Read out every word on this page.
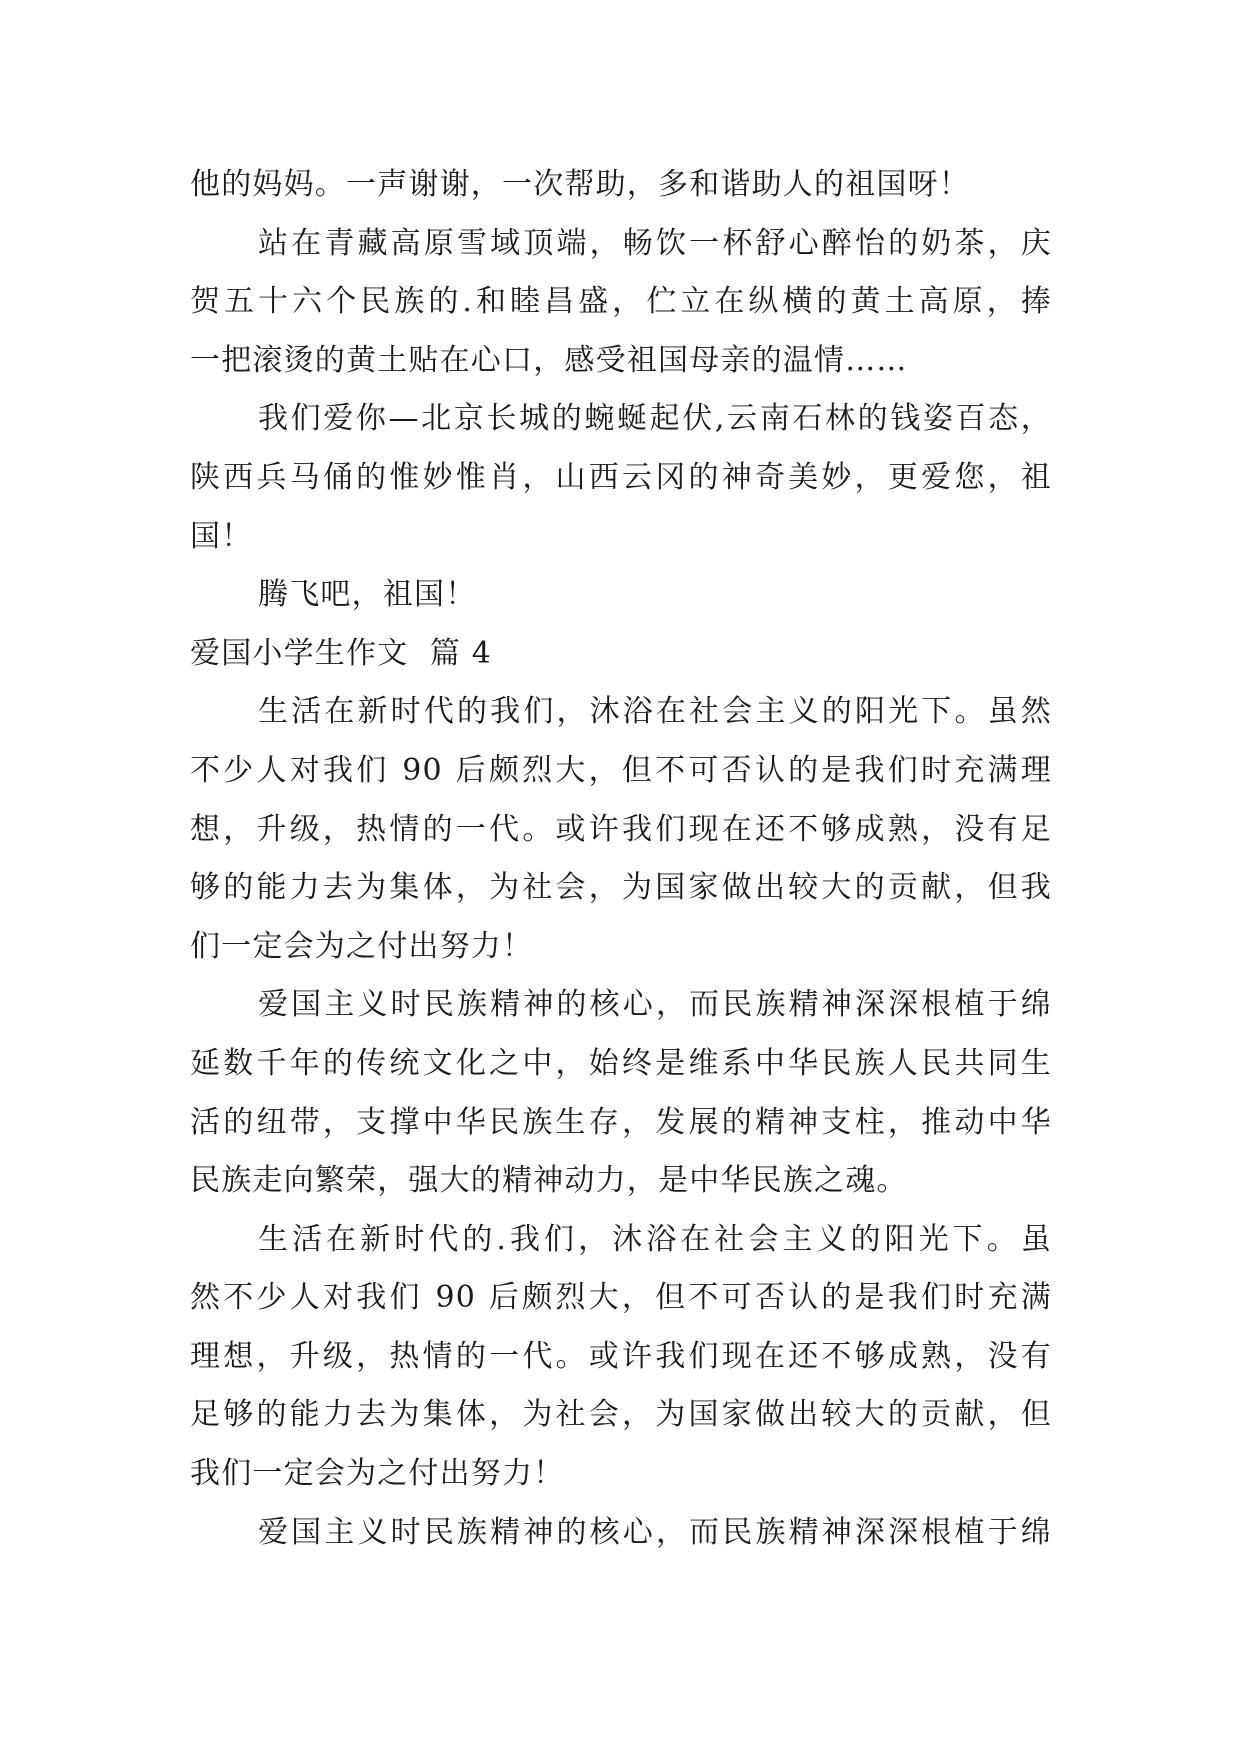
他的妈妈。一声谢谢，一次帮助，多和谐助人的祖国呀！
站在青藏高原雪域顶端，畅饮一杯舒心醉怡的奶茶，庆
贺五十六个民族的.和睦昌盛，伫立在纵横的黄土高原，捧
一把滚烫的黄土贴在心口，感受祖国母亲的温情……
我们爱你—北京长城的蜿蜒起伏,云南石林的钱姿百态，
陕西兵马俑的惟妙惟肖，山西云冈的神奇美妙，更爱您，祖
国！
腾飞吧，祖国！
爱国小学生作文  篇 4
生活在新时代的我们，沐浴在社会主义的阳光下。虽然
不少人对我们 90 后颇烈大，但不可否认的是我们时充满理
想，升级，热情的一代。或许我们现在还不够成熟，没有足
够的能力去为集体，为社会，为国家做出较大的贡献，但我
们一定会为之付出努力！
爱国主义时民族精神的核心，而民族精神深深根植于绵
延数千年的传统文化之中，始终是维系中华民族人民共同生
活的纽带，支撑中华民族生存，发展的精神支柱，推动中华
民族走向繁荣，强大的精神动力，是中华民族之魂。
生活在新时代的.我们，沐浴在社会主义的阳光下。虽
然不少人对我们 90 后颇烈大，但不可否认的是我们时充满
理想，升级，热情的一代。或许我们现在还不够成熟，没有
足够的能力去为集体，为社会，为国家做出较大的贡献，但
我们一定会为之付出努力！
爱国主义时民族精神的核心，而民族精神深深根植于绵
